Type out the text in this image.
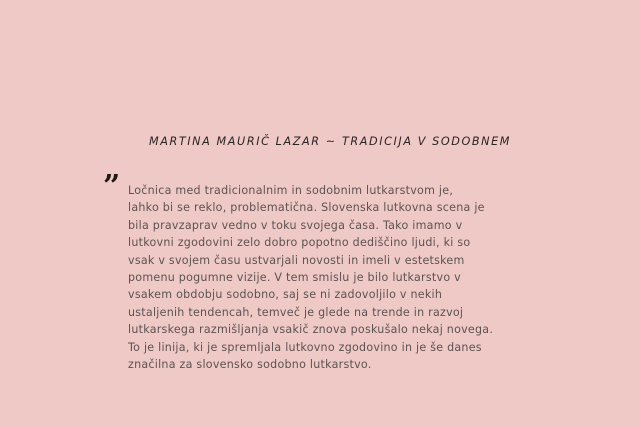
MARTINA MAURIČ LAZAR ~ TRADICIJA V SODOBNEM
” Ločnica med tradicionalnim in sodobnim lutkarstvom je,
lahko bi se reklo, problematična. Slovenska lutkovna scena je
bila pravzaprav vedno v toku svojega časa. Tako imamo v
lutkovni zgodovini zelo dobro popotno dediščino ljudi, ki so
vsak v svojem času ustvarjali novosti in imeli v estetskem
pomenu pogumne vizije. V tem smislu je bilo lutkarstvo v
vsakem obdobju sodobno, saj se ni zadovoljilo v nekih
ustaljenih tendencah, temveč je glede na trende in razvoj
lutkarskega razmišljanja vsakič znova poskušalo nekaj novega.
To je linija, ki je spremljala lutkovno zgodovino in je še danes
značilna za slovensko sodobno lutkarstvo.
